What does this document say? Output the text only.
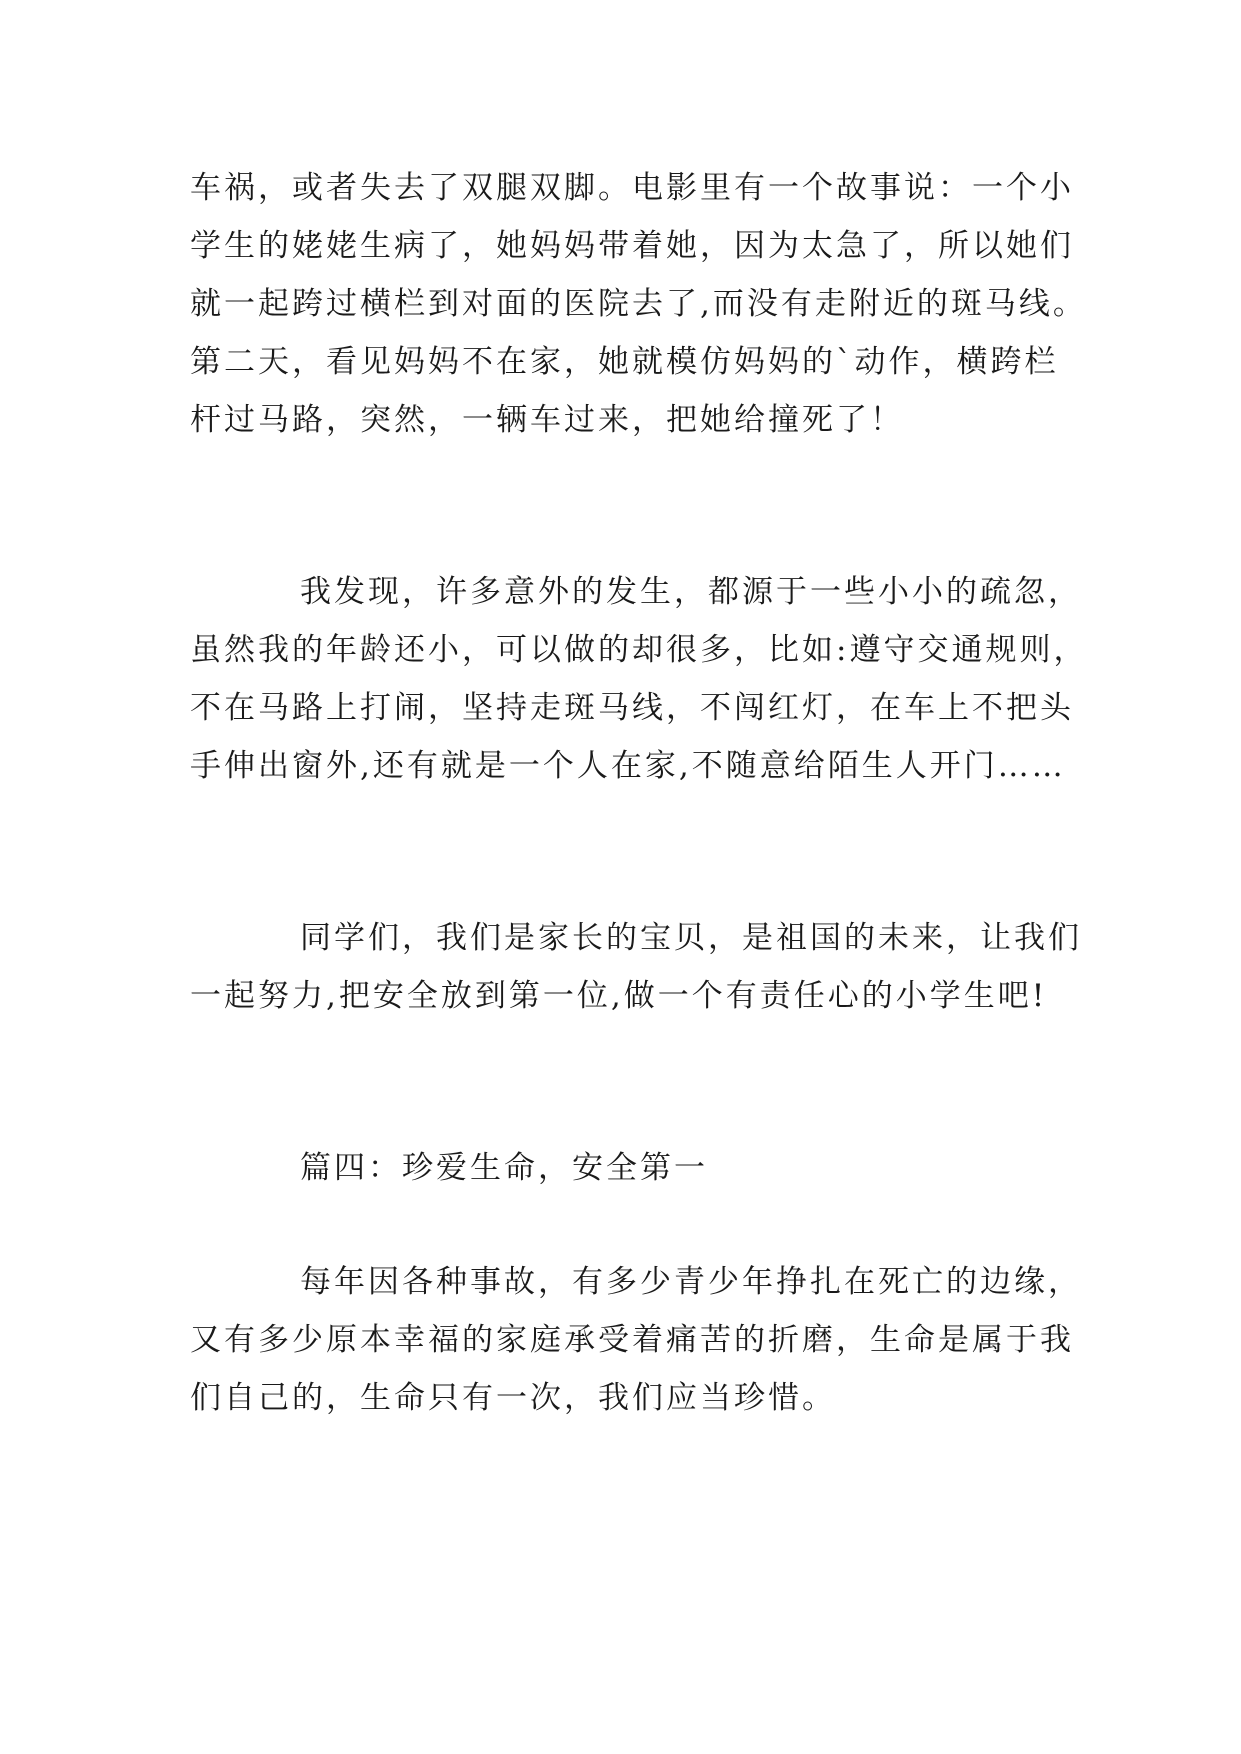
车祸，或者失去了双腿双脚。电影里有一个故事说：一个小

学生的姥姥生病了，她妈妈带着她，因为太急了，所以她们

就一起跨过横栏到对面的医院去了,而没有走附近的斑马线。

第二天，看见妈妈不在家，她就模仿妈妈的`动作，横跨栏

杆过马路，突然，一辆车过来，把她给撞死了！

我发现，许多意外的发生，都源于一些小小的疏忽，

虽然我的年龄还小，可以做的却很多，比如:遵守交通规则，

不在马路上打闹，坚持走斑马线，不闯红灯，在车上不把头

手伸出窗外,还有就是一个人在家,不随意给陌生人开门……

同学们，我们是家长的宝贝，是祖国的未来，让我们

一起努力,把安全放到第一位,做一个有责任心的小学生吧!

篇四：珍爱生命，安全第一

每年因各种事故，有多少青少年挣扎在死亡的边缘，

又有多少原本幸福的家庭承受着痛苦的折磨，生命是属于我

们自己的，生命只有一次，我们应当珍惜。
